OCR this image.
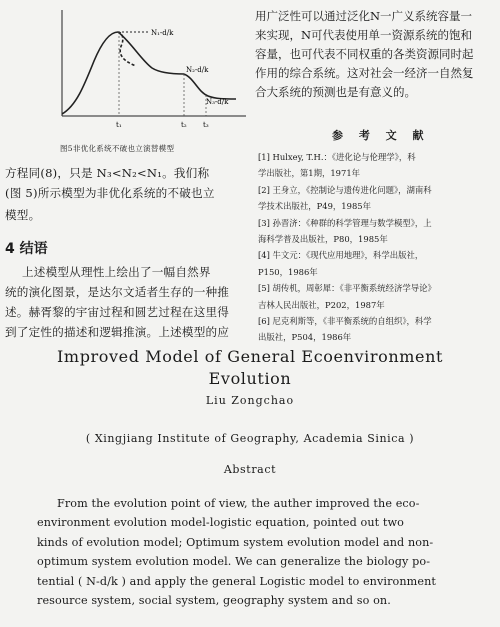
N₁-d/k
N₂-d/k
N₃-d/k
t₁	t₂ t₃
图5非优化系统不破也立演替模型
方程同(8)，只是 N₃<N₂<N₁。我们称
(图 5)所示模型为非优化系统的不破也立
模型。
4 结语
上述模型从理性上绘出了一幅自然界
统的演化图景，是达尔文适者生存的一种推
述。赫胥黎的宇宙过程和圆艺过程在这里得
到了定性的描述和逻辑推演。上述模型的应
用广泛性可以通过泛化N一广义系统容量一
来实现，N可代表使用单一资源系统的饱和
容量，也可代表不同权重的各类资源同时起
作用的综合系统。这对社会一经济一自然复
合大系统的预测也是有意义的。
参 考 文 献

[1] Hulxey, T.H.：《进化论与伦理学》，科

学出版社，第1期，1971年

[2] 王身立，《控制论与遗传进化问题》，湖南科

学技术出版社，P49，1985年

[3] 孙晋济：《种群的科学管理与数学模型》，上

海科学普及出版社，P80，1985年

[4] 牛文元：《现代应用地理》，科学出版社，

P150，1986年

[5] 胡传机，周彰犀：《非平衡系统经济学导论》

吉林人民出版社，P202，1987年

[6] 尼克利斯等，《非平衡系统的自组织》，科学

出版社，P504，1986年

Improved Model of General Ecoenvironment
Evolution
Liu Zongchao
( Xingjiang Institute of Geography, Academia Sinica )
Abstract
From the evolution point of view, the auther improved the eco-
environment evolution model-logistic equation, pointed out two
kinds of evolution model; Optimum system evolution model and non-
optimum system evolution model. We can generalize the biology po-
tential ( N-d/k ) and apply the general Logistic model to environment
resource system, social system, geography system and so on.
